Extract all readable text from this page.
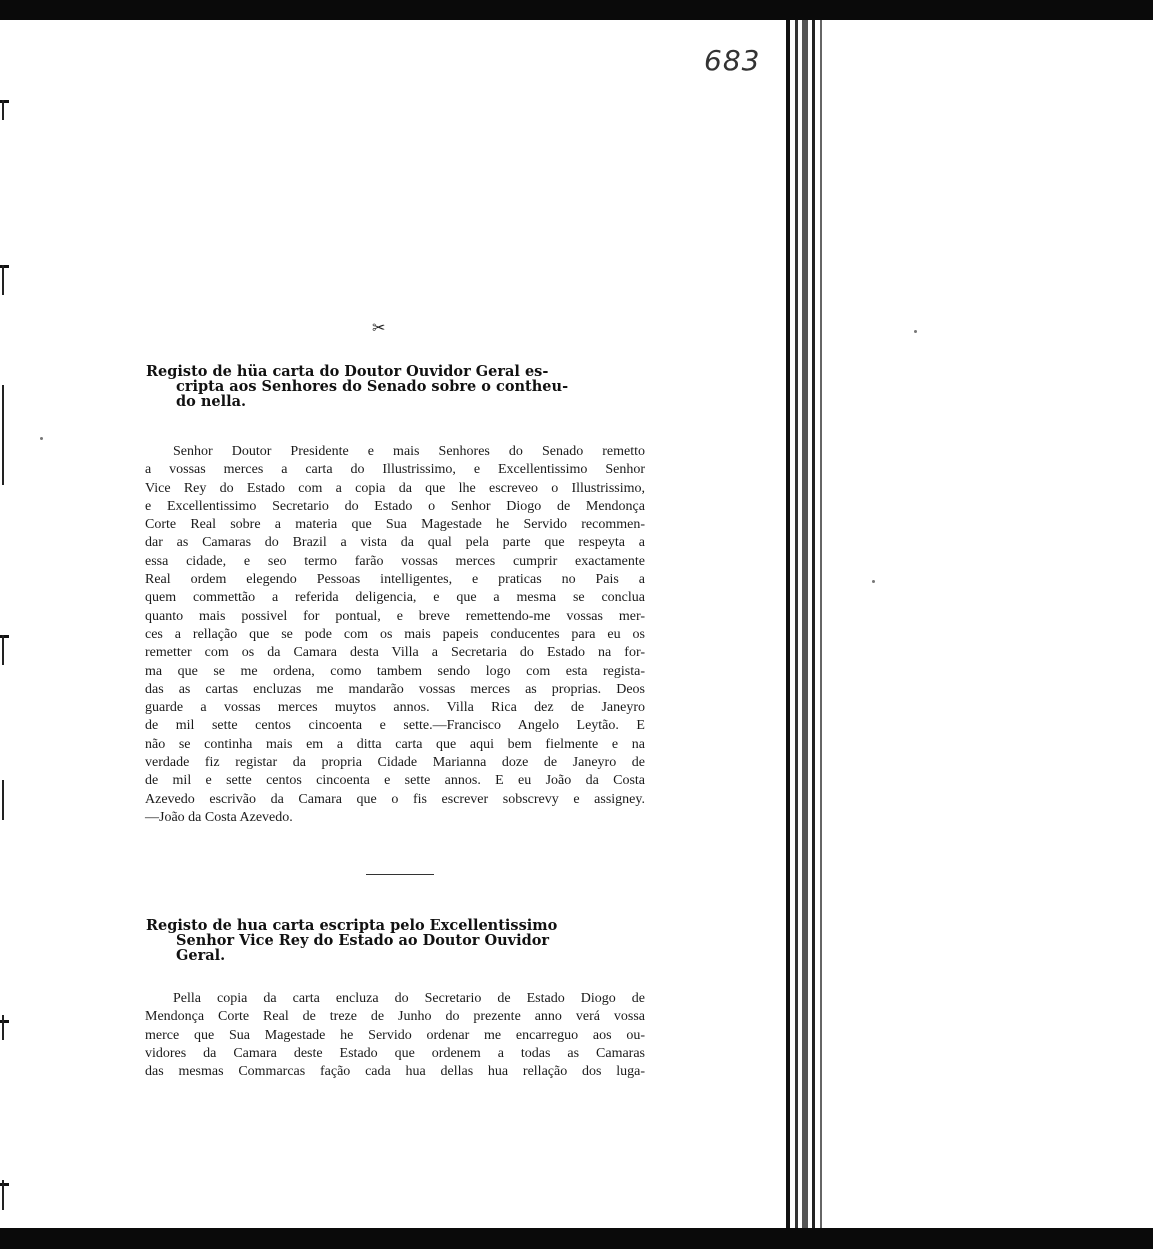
683
✂
Registo de hüa carta do Doutor Ouvidor Geral es-
cripta aos Senhores do Senado sobre o contheu-
do nella.
Senhor Doutor Presidente e mais Senhores do Senado remetto
a vossas merces a carta do Illustrissimo, e Excellentissimo Senhor
Vice Rey do Estado com a copia da que lhe escreveo o Illustrissimo,
e Excellentissimo Secretario do Estado o Senhor Diogo de Mendonça
Corte Real sobre a materia que Sua Magestade he Servido recommen-
dar as Camaras do Brazil a vista da qual pela parte que respeyta a
essa cidade, e seo termo farão vossas merces cumprir exactamente
Real ordem elegendo Pessoas intelligentes, e praticas no Pais a
quem commettão a referida deligencia, e que a mesma se conclua
quanto mais possivel for pontual, e breve remettendo-me vossas mer-
ces a rellação que se pode com os mais papeis conducentes para eu os
remetter com os da Camara desta Villa a Secretaria do Estado na for-
ma que se me ordena, como tambem sendo logo com esta registа-
das as cartas encluzas me mandarão vossas merces as proprias. Deos
guarde a vossas merces muytos annos. Villa Rica dez de Janeyro
de mil sette centos cincoenta e sette.—Francisco Angelo Leytão. E
não se continha mais em a ditta carta que aqui bem fielmente e na
verdade fiz registar da propria Cidade Marianna doze de Janeyro de
de mil e sette centos cincoenta e sette annos. E eu João da Costa
Azevedo escrivão da Camara que o fis escrever sobscrevy e assigney.
—João da Costa Azevedo.
Registo de hua carta escripta pelo Excellentissimo
Senhor Vice Rey do Estado ao Doutor Ouvidor
Geral.
Pella copia da carta encluza do Secretario de Estado Diogo de
Mendonça Corte Real de treze de Junho do prezente anno verá vossa
merce que Sua Magestade he Servido ordenar me encarreguo aos ou-
vidores da Camara deste Estado que ordenem a todas as Camaras
das mesmas Commarcas fação cada hua dellas hua rellação dos luga-
